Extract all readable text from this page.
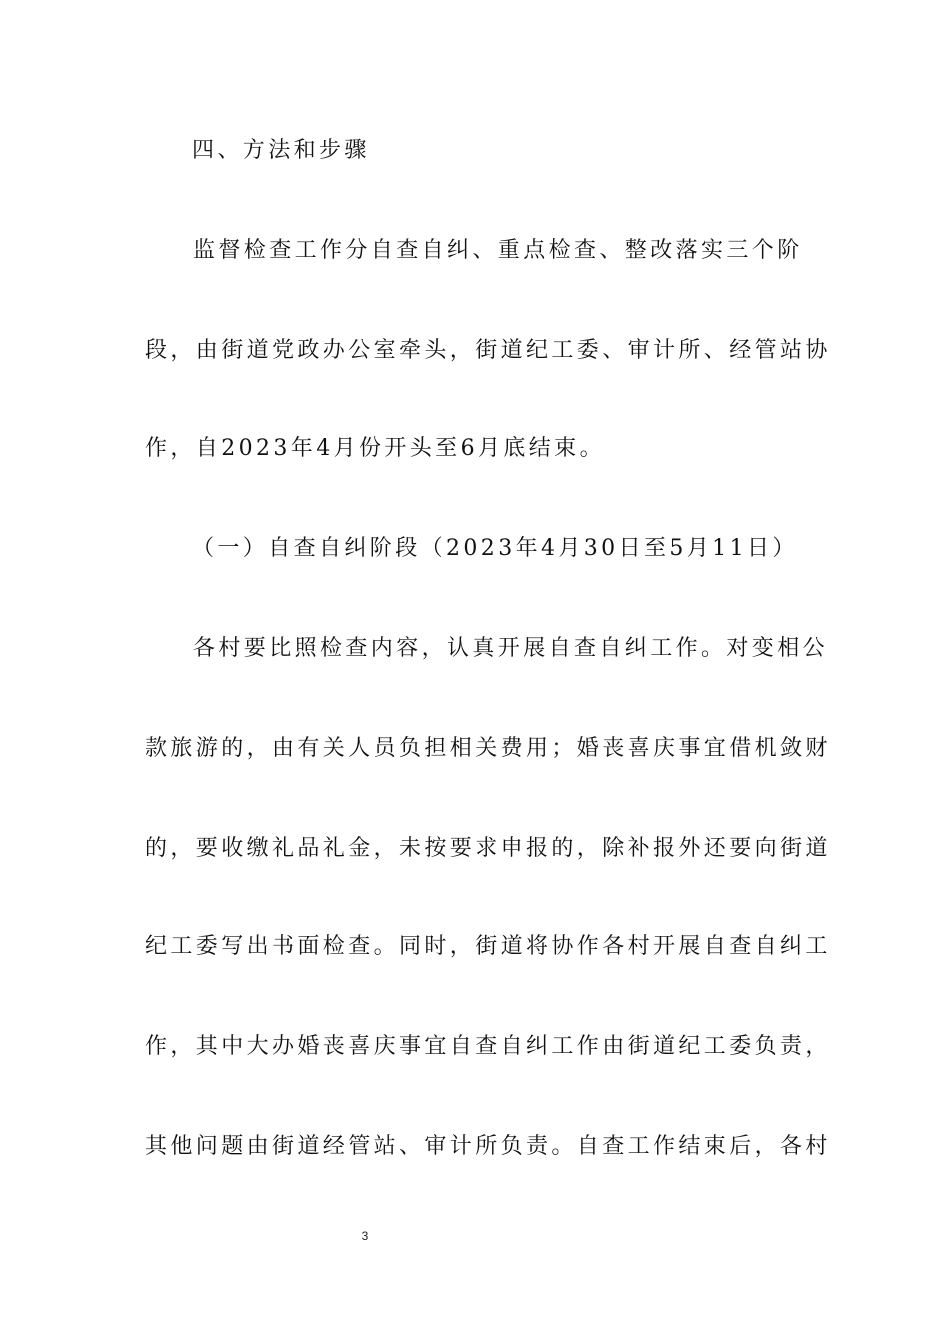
四、方法和步骤
监督检查工作分自查自纠、重点检查、整改落实三个阶
段，由街道党政办公室牵头，街道纪工委、审计所、经管站协
作，自2023年4月份开头至6月底结束。
（一）自查自纠阶段（2023年4月30日至5月11日）
各村要比照检查内容，认真开展自查自纠工作。对变相公
款旅游的，由有关人员负担相关费用；婚丧喜庆事宜借机敛财
的，要收缴礼品礼金，未按要求申报的，除补报外还要向街道
纪工委写出书面检查。同时，街道将协作各村开展自查自纠工
作，其中大办婚丧喜庆事宜自查自纠工作由街道纪工委负责，
其他问题由街道经管站、审计所负责。自查工作结束后，各村
3
